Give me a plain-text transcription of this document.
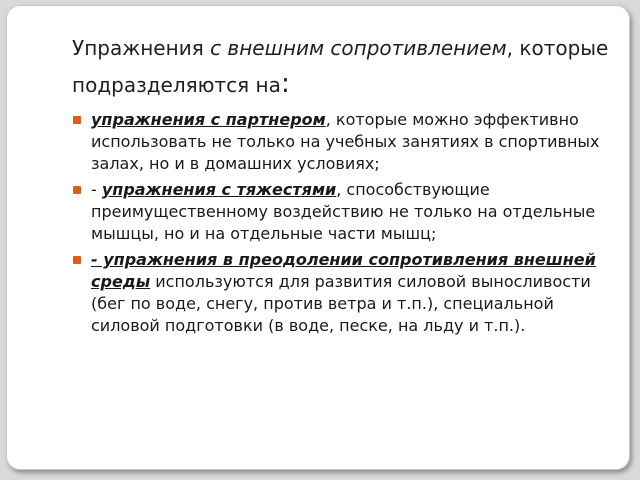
Упражнения с внешним сопротивлением, которые подразделяются на:
упражнения с партнером, которые можно эффективно использовать не только на учебных занятиях в спортивных залах, но и в домашних условиях;
- упражнения с тяжестями, способствующие преимущественному воздействию не только на отдельные мышцы, но и на отдельные части мышц;
- упражнения в преодолении сопротивления внешней среды используются для развития силовой выносливости (бег по воде, снегу, против ветра и т.п.), специальной силовой подготовки (в воде, песке, на льду и т.п.).
